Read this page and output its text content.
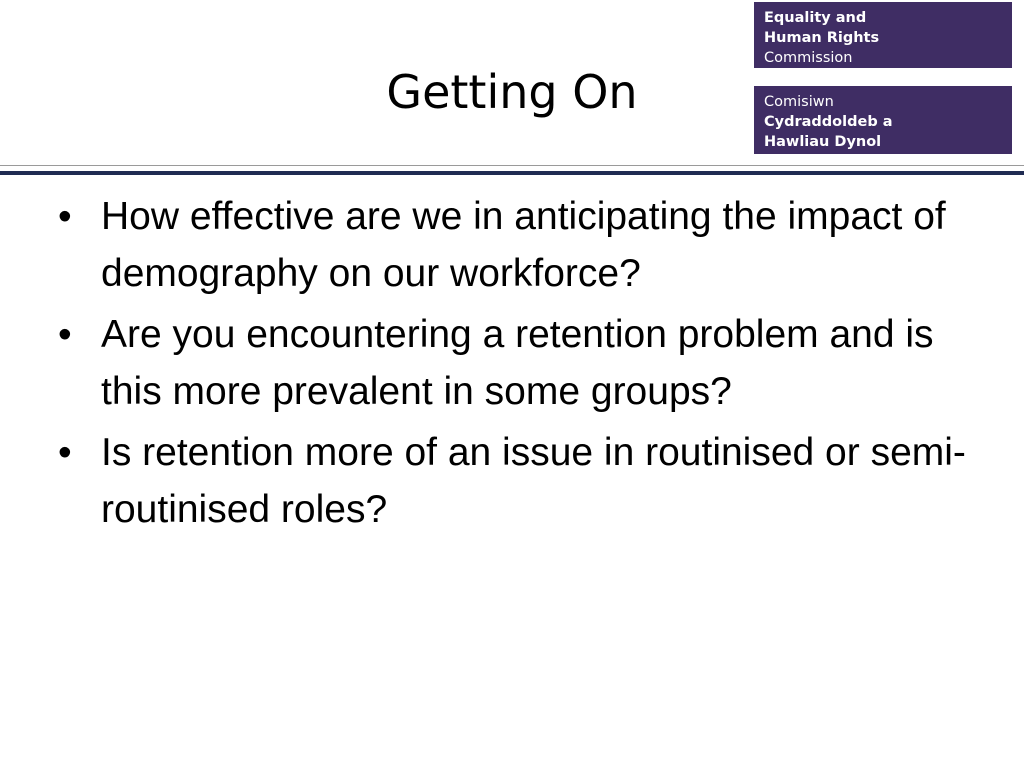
Equality and
Human Rights
Commission
Comisiwn
Cydraddoldeb a
Hawliau Dynol
Getting On
• How effective are we in anticipating the impact of demography on our workforce?
• Are you encountering a retention problem and is this more prevalent in some groups?
• Is retention more of an issue in routinised or semi-routinised roles?
